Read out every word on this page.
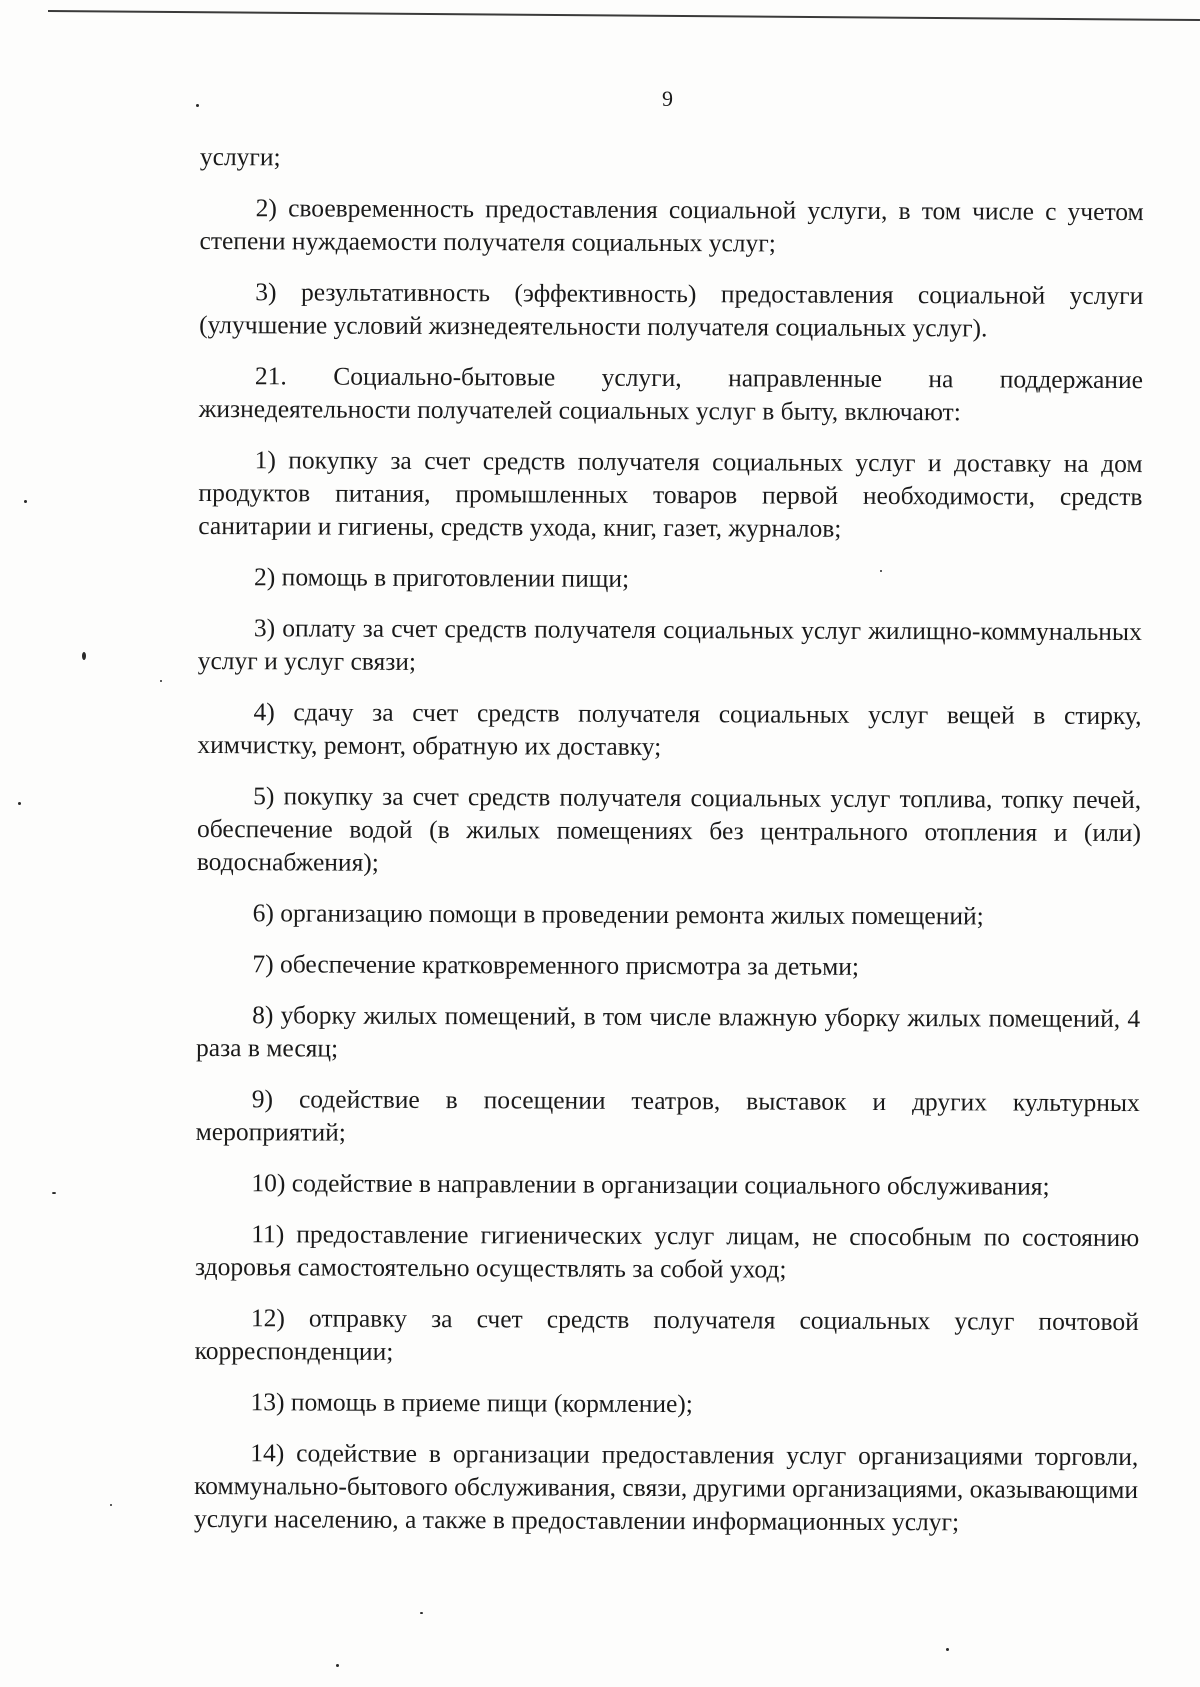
9

услуги;

2) своевременность предоставления социальной услуги, в том числе с учетом степени нуждаемости получателя социальных услуг;

3) результативность (эффективность) предоставления социальной услуги (улучшение условий жизнедеятельности получателя социальных услуг).

21. Социально-бытовые услуги, направленные на поддержание жизнедеятельности получателей социальных услуг в быту, включают:

1) покупку за счет средств получателя социальных услуг и доставку на дом продуктов питания, промышленных товаров первой необходимости, средств санитарии и гигиены, средств ухода, книг, газет, журналов;

2) помощь в приготовлении пищи;

3) оплату за счет средств получателя социальных услуг жилищно-коммунальных услуг и услуг связи;

4) сдачу за счет средств получателя социальных услуг вещей в стирку, химчистку, ремонт, обратную их доставку;

5) покупку за счет средств получателя социальных услуг топлива, топку печей, обеспечение водой (в жилых помещениях без центрального отопления и (или) водоснабжения);

6) организацию помощи в проведении ремонта жилых помещений;

7) обеспечение кратковременного присмотра за детьми;

8) уборку жилых помещений, в том числе влажную уборку жилых помещений, 4 раза в месяц;

9) содействие в посещении театров, выставок и других культурных мероприятий;

10) содействие в направлении в организации социального обслуживания;

11) предоставление гигиенических услуг лицам, не способным по состоянию здоровья самостоятельно осуществлять за собой уход;

12) отправку за счет средств получателя социальных услуг почтовой корреспонденции;

13) помощь в приеме пищи (кормление);

14) содействие в организации предоставления услуг организациями торговли, коммунально-бытового обслуживания, связи, другими организациями, оказывающими услуги населению, а также в предоставлении информационных услуг;
